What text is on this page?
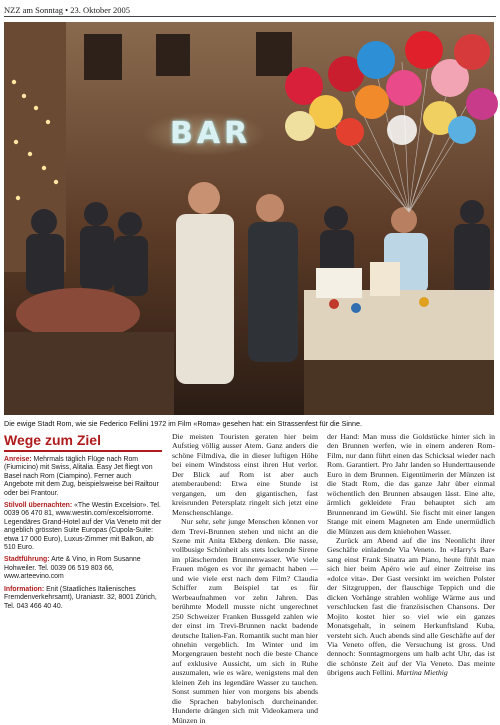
NZZ am Sonntag • 23. Oktober 2005
BAR
Die ewige Stadt Rom, wie sie Federico Fellini 1972 im Film «Roma» gesehen hat: ein Strassenfest für die Sinne.
Wege zum Ziel
Anreise: Mehrmals täglich Flüge nach Rom (Fiumicino) mit Swiss, Alitalia. Easy Jet fliegt von Basel nach Rom (Ciampino). Ferner auch Angebote mit dem Zug, beispielsweise bei Railtour oder bei Frantour.
Stilvoll übernachten: «The Westin Excelsior». Tel. 0039 06 470 81, www.westin.com/excelsiorrome. Legendäres Grand-Hotel auf der Via Veneto mit der angeblich grössten Suite Europas (Cupola-Suite: etwa 17 000 Euro), Luxus-Zimmer mit Balkon, ab 510 Euro.
Stadtführung: Arte & Vino, in Rom Susanne Hohweiler. Tel. 0039 06 519 803 66, www.arteevino.com
Information: Enit (Staatliches Italienisches Fremdenverkehrsamt), Uraniastr. 32, 8001 Zürich, Tel. 043 466 40 40.

Die meisten Touristen geraten hier beim Aufstieg völlig ausser Atem. Ganz anders die schöne Filmdiva, die in dieser luftigen Höhe bei einem Windstoss einst ihren Hut verlor. Der Blick auf Rom ist aber auch atemberaubend: Etwa eine Stunde ist vergangen, um den gigantischen, fast kreisrunden Petersplatz ringelt sich jetzt eine Menschenschlange.

Nur sehr, sehr junge Menschen können vor dem Trevi-Brunnen stehen und nicht an die Szene mit Anita Ekberg denken. Die nasse, vollbusige Schönheit als stets lockende Sirene im plätschernden Brunnenwasser. Wie viele Frauen mögen es vor ihr gemacht haben — und wie viele erst nach dem Film? Claudia Schiffer zum Beispiel tat es für Werbeaufnahmen vor zehn Jahren. Das berühmte Modell musste nicht ungerechnet 250 Schweizer Franken Bussgeld zahlen wie der einst im Trevi-Brunnen nackt badende deutsche Italien-Fan. Romantik sucht man hier ohnehin vergeblich. Im Winter und im Morgengrauen besteht noch die beste Chance auf exklusive Aussicht, um sich in Ruhe auszumalen, wie es wäre, wenigstens mal den kleinen Zeh ins legendäre Wasser zu tauchen. Sonst summen hier von morgens bis abends die Sprachen babylonisch durcheinander. Hunderte drängen sich mit Videokamera und Münzen in

der Hand: Man muss die Goldstücke hinter sich in den Brunnen werfen, wie in einem anderen Rom-Film, nur dann führt einen das Schicksal wieder nach Rom. Garantiert. Pro Jahr landen so Hunderttausende Euro in dem Brunnen. Eigentümerin der Münzen ist die Stadt Rom, die das ganze Jahr über einmal wöchentlich den Brunnen absaugen lässt. Eine alte, ärmlich gekleidete Frau behauptet sich am Brunnenrand im Gewühl. Sie fischt mit einer langen Stange mit einem Magneten am Ende unermüdlich die Münzen aus dem kniehohen Wasser.

Zurück am Abend auf die ins Neonlicht ihrer Geschäfte einladende Via Veneto. In «Harry's Bar» sang einst Frank Sinatra am Piano, heute fühlt man sich hier beim Apéro wie auf einer Zeitreise ins «dolce vita». Der Gast versinkt im weichen Polster der Sitzgruppen, der flauschige Teppich und die dicken Vorhänge strahlen wohlige Wärme aus und verschlucken fast die französischen Chansons. Der Mojito kostet hier so viel wie ein ganzes Monatsgehalt, in seinem Herkunftsland Kuba, versteht sich. Auch abends sind alle Geschäfte auf der Via Veneto offen, die Versuchung ist gross. Und dennoch: Sonntagmorgens um halb acht Uhr, das ist die schönste Zeit auf der Via Veneto. Das meinte übrigens auch Fellini. Martina Miethig
